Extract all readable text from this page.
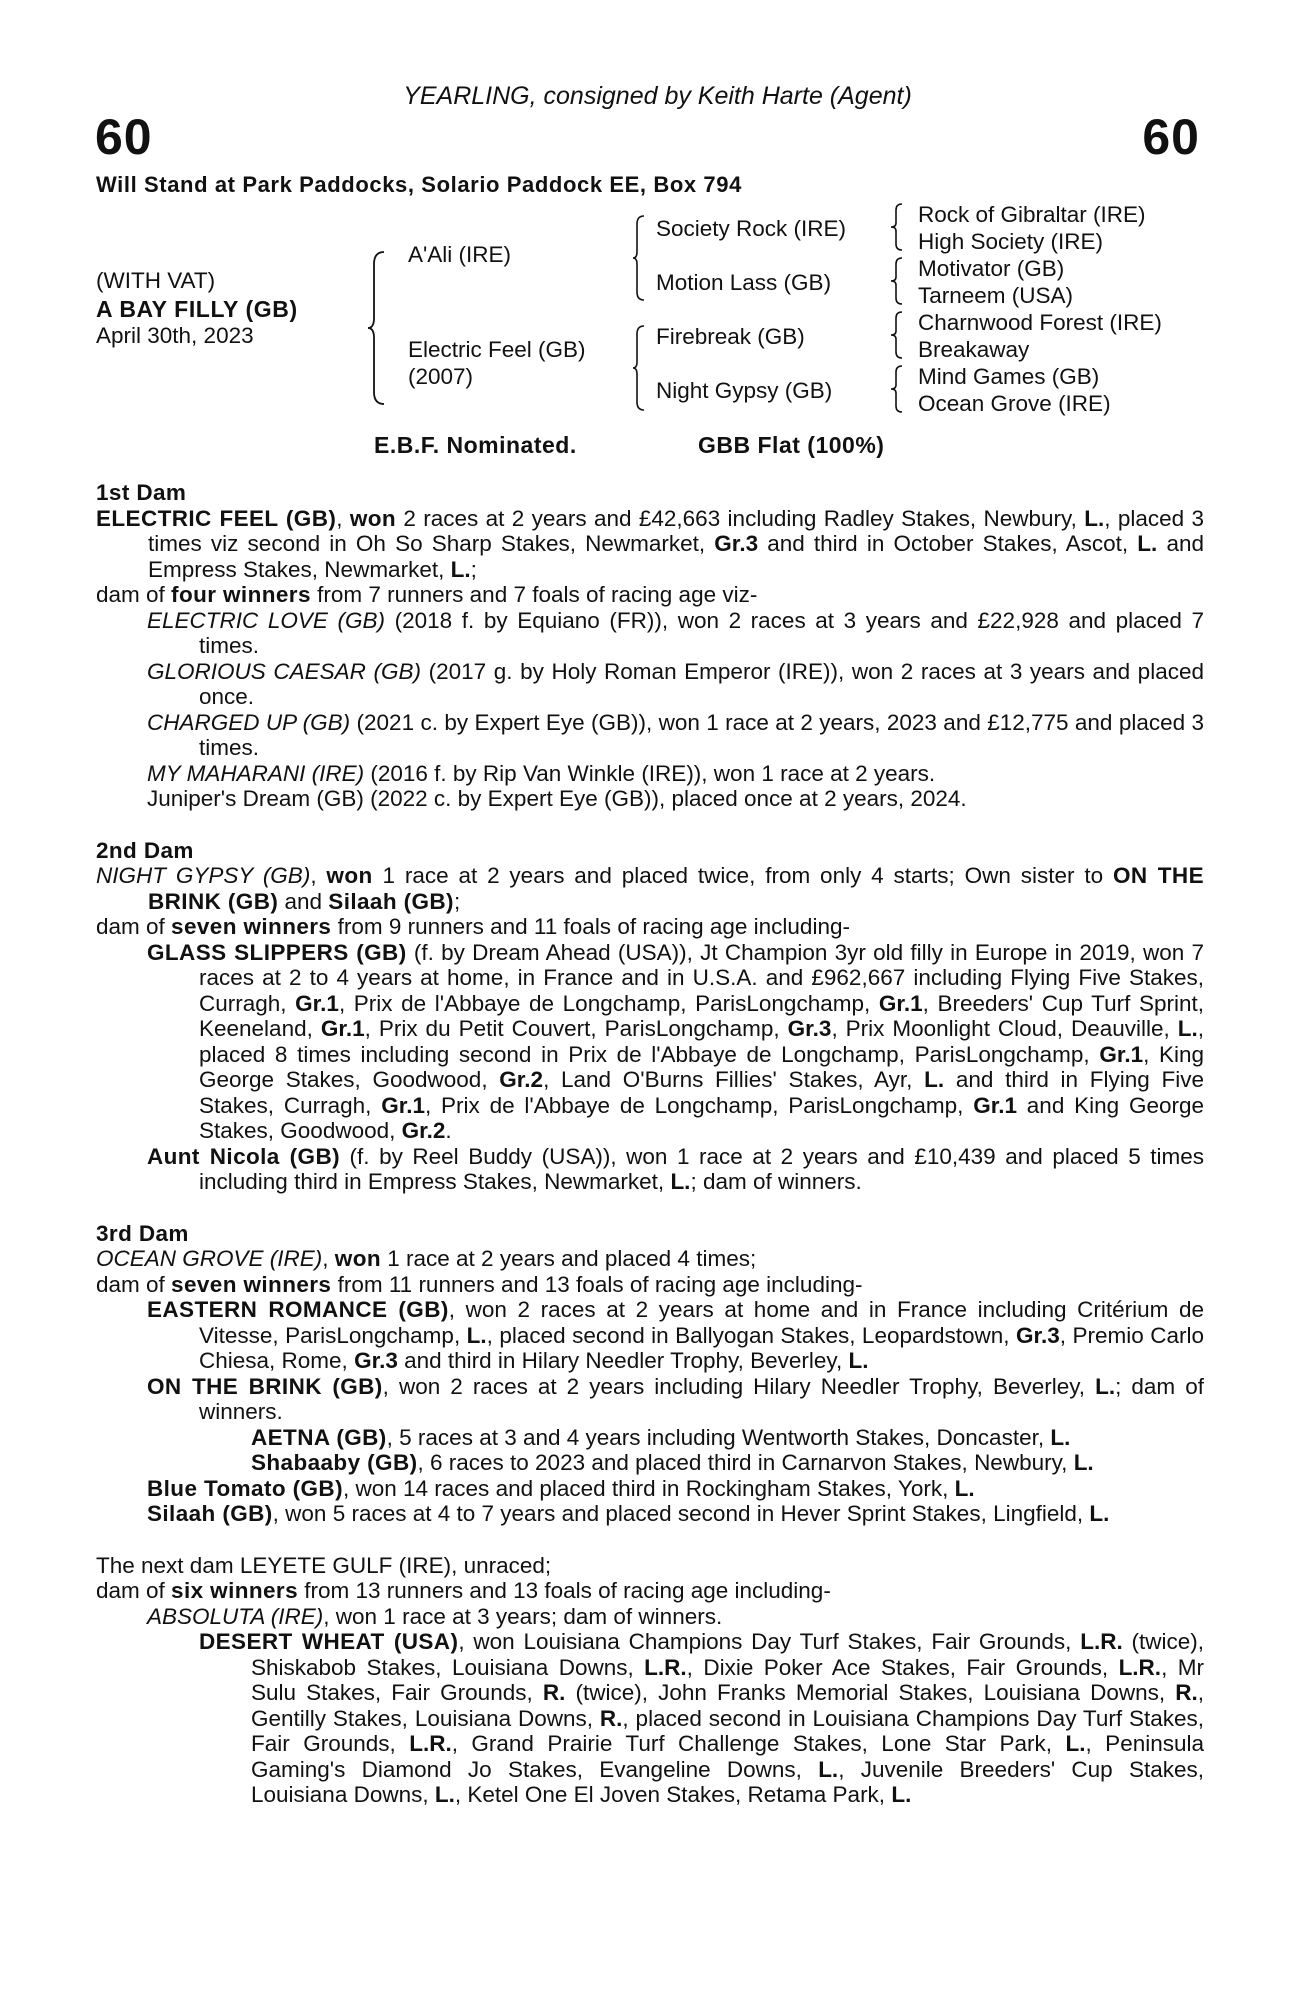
YEARLING, consigned by Keith Harte (Agent)
60	60
Will Stand at Park Paddocks, Solario Paddock EE, Box 794
(WITH VAT)
A BAY FILLY (GB)
April 30th, 2023
A'Ali (IRE)
Electric Feel (GB)
(2007)
Society Rock (IRE)
Motion Lass (GB)
Firebreak (GB)
Night Gypsy (GB)
Rock of Gibraltar (IRE)
High Society (IRE)
Motivator (GB)
Tarneem (USA)
Charnwood Forest (IRE)
Breakaway
Mind Games (GB)
Ocean Grove (IRE)
E.B.F. Nominated.	GBB Flat (100%)
1st Dam
ELECTRIC FEEL (GB), won 2 races at 2 years and £42,663 including Radley Stakes, Newbury, L., placed 3 times viz second in Oh So Sharp Stakes, Newmarket, Gr.3 and third in October Stakes, Ascot, L. and Empress Stakes, Newmarket, L.;
dam of four winners from 7 runners and 7 foals of racing age viz-
ELECTRIC LOVE (GB) (2018 f. by Equiano (FR)), won 2 races at 3 years and £22,928 and placed 7 times.
GLORIOUS CAESAR (GB) (2017 g. by Holy Roman Emperor (IRE)), won 2 races at 3 years and placed once.
CHARGED UP (GB) (2021 c. by Expert Eye (GB)), won 1 race at 2 years, 2023 and £12,775 and placed 3 times.
MY MAHARANI (IRE) (2016 f. by Rip Van Winkle (IRE)), won 1 race at 2 years.
Juniper's Dream (GB) (2022 c. by Expert Eye (GB)), placed once at 2 years, 2024.
2nd Dam
NIGHT GYPSY (GB), won 1 race at 2 years and placed twice, from only 4 starts; Own sister to ON THE BRINK (GB) and Silaah (GB);
dam of seven winners from 9 runners and 11 foals of racing age including-
GLASS SLIPPERS (GB) (f. by Dream Ahead (USA)), Jt Champion 3yr old filly in Europe in 2019, won 7 races at 2 to 4 years at home, in France and in U.S.A. and £962,667 including Flying Five Stakes, Curragh, Gr.1, Prix de l'Abbaye de Longchamp, ParisLongchamp, Gr.1, Breeders' Cup Turf Sprint, Keeneland, Gr.1, Prix du Petit Couvert, ParisLongchamp, Gr.3, Prix Moonlight Cloud, Deauville, L., placed 8 times including second in Prix de l'Abbaye de Longchamp, ParisLongchamp, Gr.1, King George Stakes, Goodwood, Gr.2, Land O'Burns Fillies' Stakes, Ayr, L. and third in Flying Five Stakes, Curragh, Gr.1, Prix de l'Abbaye de Longchamp, ParisLongchamp, Gr.1 and King George Stakes, Goodwood, Gr.2.
Aunt Nicola (GB) (f. by Reel Buddy (USA)), won 1 race at 2 years and £10,439 and placed 5 times including third in Empress Stakes, Newmarket, L.; dam of winners.
3rd Dam
OCEAN GROVE (IRE), won 1 race at 2 years and placed 4 times;
dam of seven winners from 11 runners and 13 foals of racing age including-
EASTERN ROMANCE (GB), won 2 races at 2 years at home and in France including Critérium de Vitesse, ParisLongchamp, L., placed second in Ballyogan Stakes, Leopardstown, Gr.3, Premio Carlo Chiesa, Rome, Gr.3 and third in Hilary Needler Trophy, Beverley, L.
ON THE BRINK (GB), won 2 races at 2 years including Hilary Needler Trophy, Beverley, L.; dam of winners.
AETNA (GB), 5 races at 3 and 4 years including Wentworth Stakes, Doncaster, L.
Shabaaby (GB), 6 races to 2023 and placed third in Carnarvon Stakes, Newbury, L.
Blue Tomato (GB), won 14 races and placed third in Rockingham Stakes, York, L.
Silaah (GB), won 5 races at 4 to 7 years and placed second in Hever Sprint Stakes, Lingfield, L.
The next dam LEYETE GULF (IRE), unraced;
dam of six winners from 13 runners and 13 foals of racing age including-
ABSOLUTA (IRE), won 1 race at 3 years; dam of winners.
DESERT WHEAT (USA), won Louisiana Champions Day Turf Stakes, Fair Grounds, L.R. (twice), Shiskabob Stakes, Louisiana Downs, L.R., Dixie Poker Ace Stakes, Fair Grounds, L.R., Mr Sulu Stakes, Fair Grounds, R. (twice), John Franks Memorial Stakes, Louisiana Downs, R., Gentilly Stakes, Louisiana Downs, R., placed second in Louisiana Champions Day Turf Stakes, Fair Grounds, L.R., Grand Prairie Turf Challenge Stakes, Lone Star Park, L., Peninsula Gaming's Diamond Jo Stakes, Evangeline Downs, L., Juvenile Breeders' Cup Stakes, Louisiana Downs, L., Ketel One El Joven Stakes, Retama Park, L.
